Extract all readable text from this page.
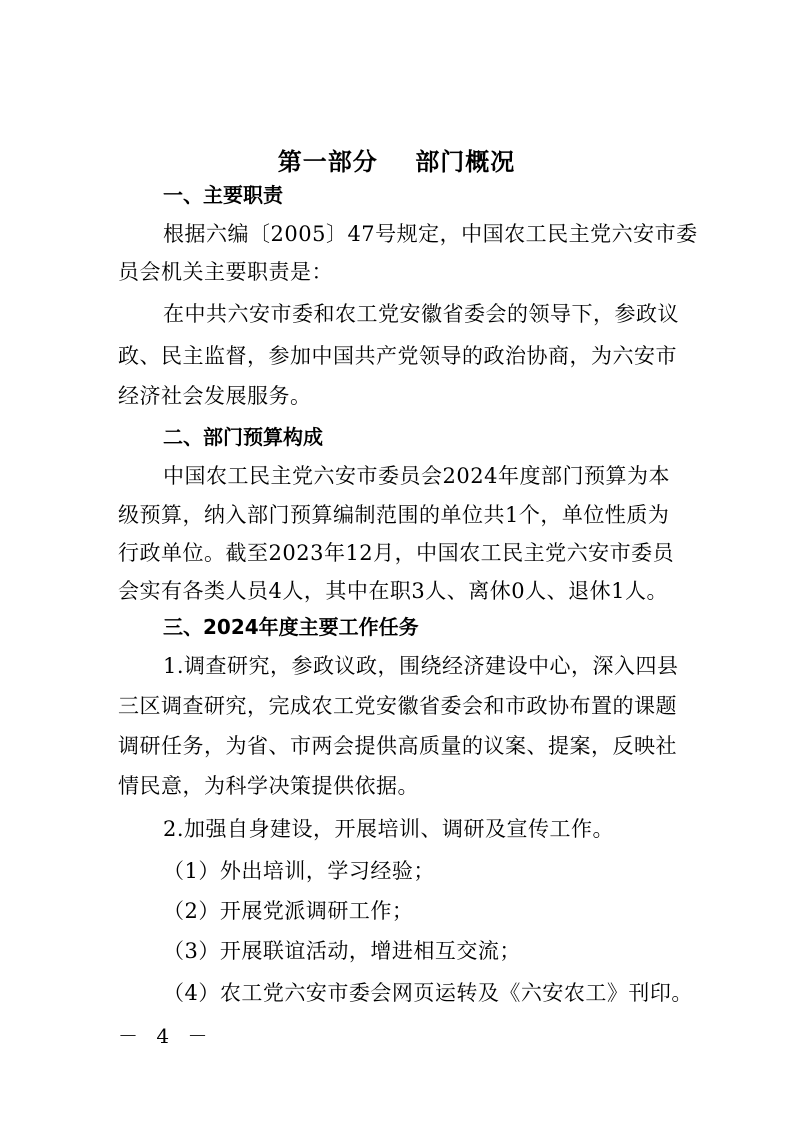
第一部分    部门概况
一、主要职责
根据六编〔2005〕47号规定，中国农工民主党六安市委
员会机关主要职责是：
在中共六安市委和农工党安徽省委会的领导下，参政议
政、民主监督，参加中国共产党领导的政治协商，为六安市
经济社会发展服务。
二、部门预算构成
中国农工民主党六安市委员会2024年度部门预算为本
级预算，纳入部门预算编制范围的单位共1个，单位性质为
行政单位。截至2023年12月，中国农工民主党六安市委员
会实有各类人员4人，其中在职3人、离休0人、退休1人。
三、2024年度主要工作任务
1.调查研究，参政议政，围绕经济建设中心，深入四县
三区调查研究，完成农工党安徽省委会和市政协布置的课题
调研任务，为省、市两会提供高质量的议案、提案，反映社
情民意，为科学决策提供依据。
2.加强自身建设，开展培训、调研及宣传工作。
（1）外出培训，学习经验；
（2）开展党派调研工作；
（3）开展联谊活动，增进相互交流；
（4）农工党六安市委会网页运转及《六安农工》刊印。
－ 4 －
